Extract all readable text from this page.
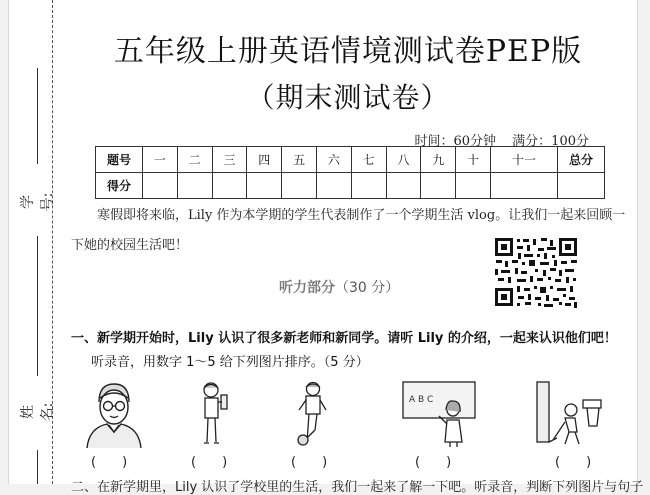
学号:
姓名:
五年级上册英语情境测试卷PEP版
（期末测试卷）
时间：60分钟 满分：100分
题号	一	二	三	四	五	六	七	八	九	十	十一	总分
得分												
寒假即将来临，Lily 作为本学期的学生代表制作了一个学期生活 vlog。让我们一起来回顾一下她的校园生活吧！
听力部分（30 分）
一、新学期开始时，Lily 认识了很多新老师和新同学。请听 Lily 的介绍，一起来认识他们吧！
听录音，用数字 1～5 给下列图片排序。（5 分）
A B C
(　　)	(　　)	(　　)	(　　)	(　　)
二、在新学期里，Lily 认识了学校里的生活，我们一起来了解一下吧。听录音，判断下列图片与句子
